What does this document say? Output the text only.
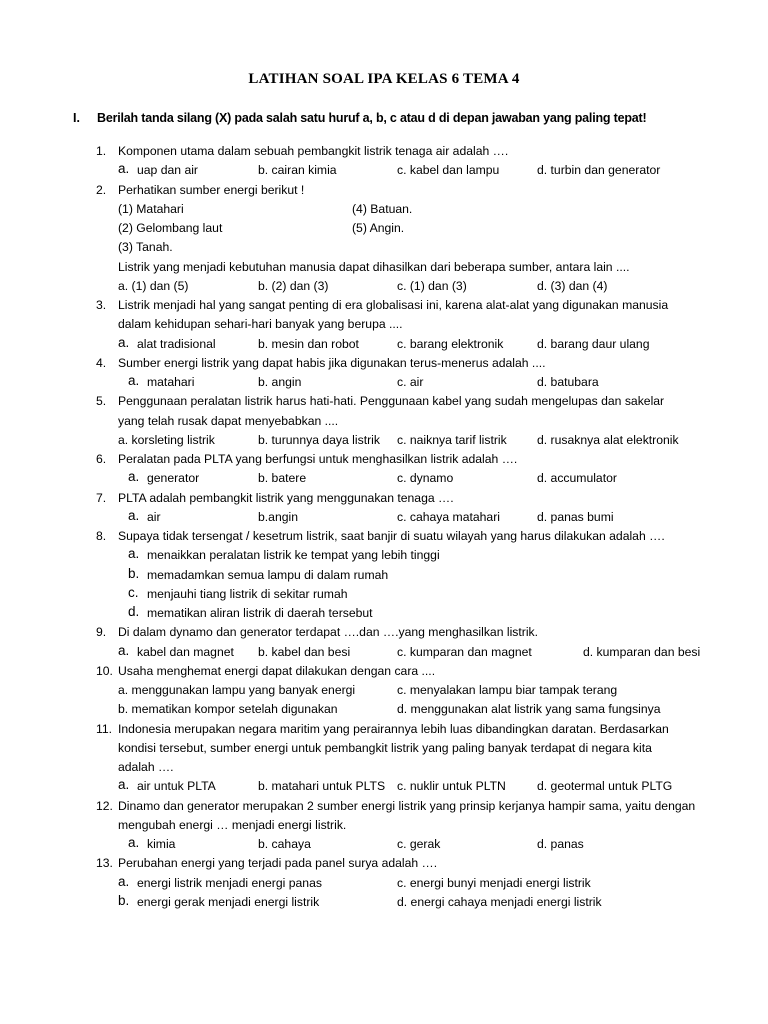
LATIHAN SOAL IPA KELAS 6 TEMA 4
I. Berilah tanda silang (X) pada salah satu huruf a, b, c atau d di depan jawaban yang paling tepat!
1. Komponen utama dalam sebuah pembangkit listrik tenaga air adalah ….
a. uap dan air	b. cairan kimia	c. kabel dan lampu	d. turbin dan generator
2. Perhatikan sumber energi berikut !
(1) Matahari	(4) Batuan.
(2) Gelombang laut	(5) Angin.
(3) Tanah.
Listrik yang menjadi kebutuhan manusia dapat dihasilkan dari beberapa sumber, antara lain ....
a. (1) dan (5)	b. (2) dan (3)	c. (1) dan (3)	d. (3) dan (4)
3. Listrik menjadi hal yang sangat penting di era globalisasi ini, karena alat-alat yang digunakan manusia
dalam kehidupan sehari-hari banyak yang berupa ....
a. alat tradisional	b. mesin dan robot	c. barang elektronik	d. barang daur ulang
4. Sumber energi listrik yang dapat habis jika digunakan terus-menerus adalah ....
a. matahari	b. angin	c. air	d. batubara
5. Penggunaan peralatan listrik harus hati-hati. Penggunaan kabel yang sudah mengelupas dan sakelar
yang telah rusak dapat menyebabkan ....
a. korsleting listrik	b. turunnya daya listrik c. naiknya tarif listrik d. rusaknya alat elektronik
6. Peralatan pada PLTA yang berfungsi untuk menghasilkan listrik adalah ….
a. generator	b. batere	c. dynamo	d. accumulator
7. PLTA adalah pembangkit listrik yang menggunakan tenaga ….
a. air	b.angin	c. cahaya matahari	d. panas bumi
8. Supaya tidak tersengat / kesetrum listrik, saat banjir di suatu wilayah yang harus dilakukan adalah ….
a. menaikkan peralatan listrik ke tempat yang lebih tinggi
b. memadamkan semua lampu di dalam rumah
c. menjauhi tiang listrik di sekitar rumah
d. mematikan aliran listrik di daerah tersebut
9. Di dalam dynamo dan generator terdapat ….dan ….yang menghasilkan listrik.
a. kabel dan magnet b. kabel dan besi	c. kumparan dan magnet	d. kumparan dan besi
10. Usaha menghemat energi dapat dilakukan dengan cara ....
a. menggunakan lampu yang banyak energi	c. menyalakan lampu biar tampak terang
b. mematikan kompor setelah digunakan	d. menggunakan alat listrik yang sama fungsinya
11. Indonesia merupakan negara maritim yang perairannya lebih luas dibandingkan daratan. Berdasarkan
kondisi tersebut, sumber energi untuk pembangkit listrik yang paling banyak terdapat di negara kita
adalah ….
a. air untuk PLTA	b. matahari untuk PLTS c. nuklir untuk PLTN	d. geotermal untuk PLTG
12. Dinamo dan generator merupakan 2 sumber energi listrik yang prinsip kerjanya hampir sama, yaitu dengan
mengubah energi … menjadi energi listrik.
a. kimia	b. cahaya	c. gerak	d. panas
13. Perubahan energi yang terjadi pada panel surya adalah ….
a. energi listrik menjadi energi panas	c. energi bunyi menjadi energi listrik
b. energi gerak menjadi energi listrik	d. energi cahaya menjadi energi listrik
